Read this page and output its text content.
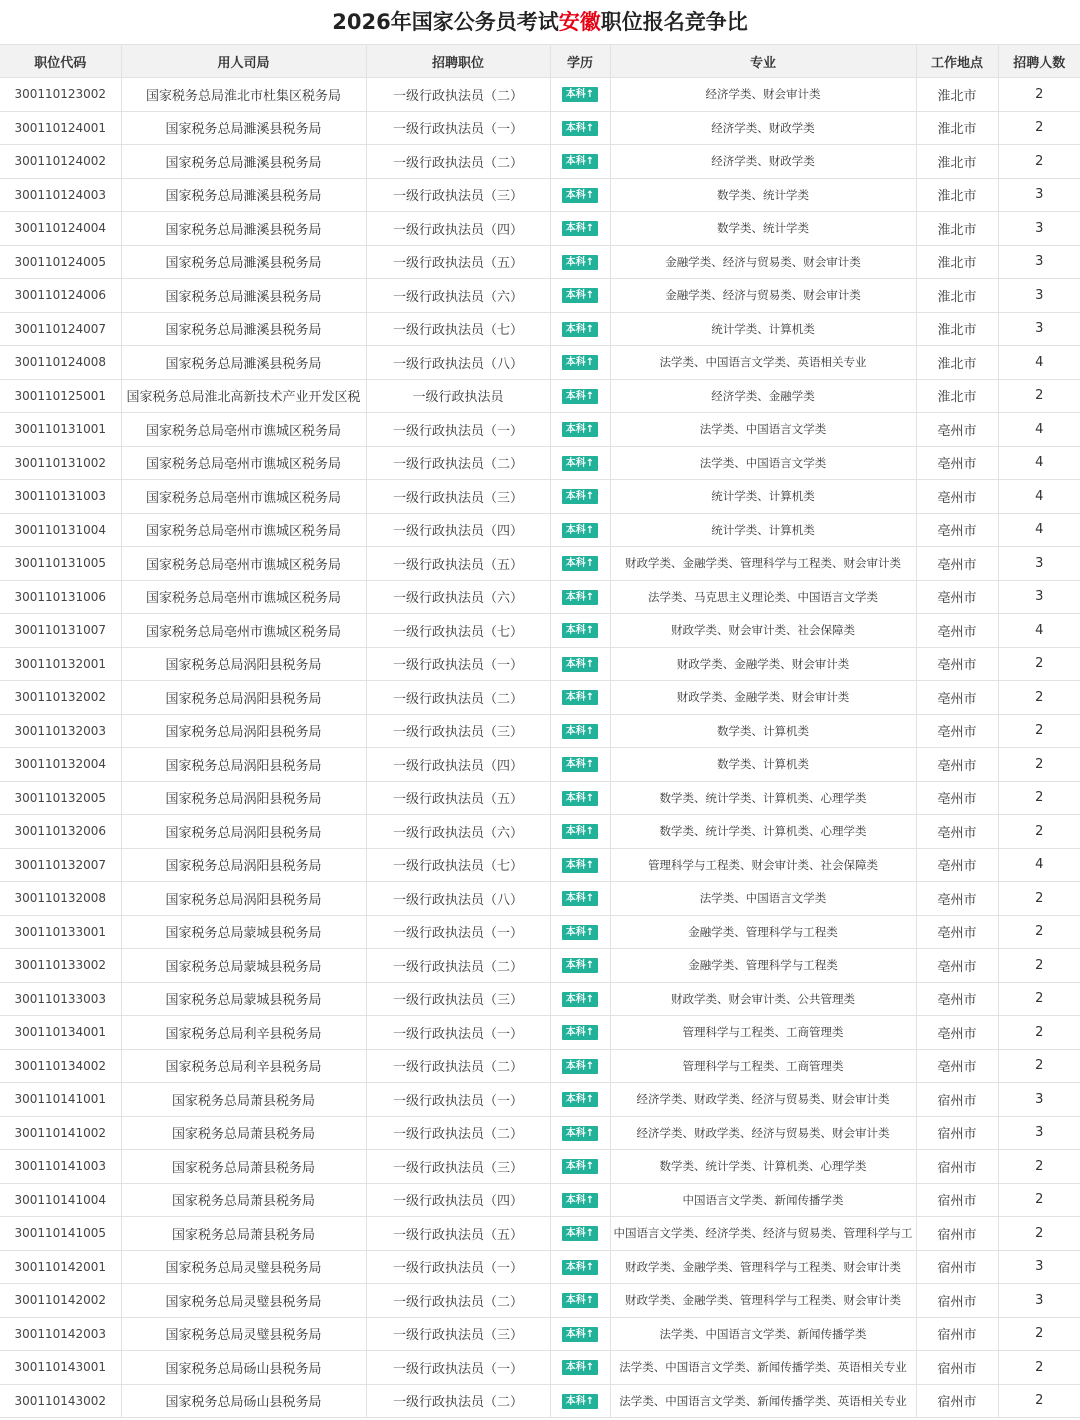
2026年国家公务员考试安徽职位报名竞争比
职位代码	用人司局	招聘职位	学历	专业	工作地点	招聘人数
300110123002	国家税务总局淮北市杜集区税务局	一级行政执法员（二）	本科↑	经济学类、财会审计类	淮北市	2
300110124001	国家税务总局濉溪县税务局	一级行政执法员（一）	本科↑	经济学类、财政学类	淮北市	2
300110124002	国家税务总局濉溪县税务局	一级行政执法员（二）	本科↑	经济学类、财政学类	淮北市	2
300110124003	国家税务总局濉溪县税务局	一级行政执法员（三）	本科↑	数学类、统计学类	淮北市	3
300110124004	国家税务总局濉溪县税务局	一级行政执法员（四）	本科↑	数学类、统计学类	淮北市	3
300110124005	国家税务总局濉溪县税务局	一级行政执法员（五）	本科↑	金融学类、经济与贸易类、财会审计类	淮北市	3
300110124006	国家税务总局濉溪县税务局	一级行政执法员（六）	本科↑	金融学类、经济与贸易类、财会审计类	淮北市	3
300110124007	国家税务总局濉溪县税务局	一级行政执法员（七）	本科↑	统计学类、计算机类	淮北市	3
300110124008	国家税务总局濉溪县税务局	一级行政执法员（八）	本科↑	法学类、中国语言文学类、英语相关专业	淮北市	4
300110125001	国家税务总局淮北高新技术产业开发区税	一级行政执法员	本科↑	经济学类、金融学类	淮北市	2
300110131001	国家税务总局亳州市谯城区税务局	一级行政执法员（一）	本科↑	法学类、中国语言文学类	亳州市	4
300110131002	国家税务总局亳州市谯城区税务局	一级行政执法员（二）	本科↑	法学类、中国语言文学类	亳州市	4
300110131003	国家税务总局亳州市谯城区税务局	一级行政执法员（三）	本科↑	统计学类、计算机类	亳州市	4
300110131004	国家税务总局亳州市谯城区税务局	一级行政执法员（四）	本科↑	统计学类、计算机类	亳州市	4
300110131005	国家税务总局亳州市谯城区税务局	一级行政执法员（五）	本科↑	财政学类、金融学类、管理科学与工程类、财会审计类	亳州市	3
300110131006	国家税务总局亳州市谯城区税务局	一级行政执法员（六）	本科↑	法学类、马克思主义理论类、中国语言文学类	亳州市	3
300110131007	国家税务总局亳州市谯城区税务局	一级行政执法员（七）	本科↑	财政学类、财会审计类、社会保障类	亳州市	4
300110132001	国家税务总局涡阳县税务局	一级行政执法员（一）	本科↑	财政学类、金融学类、财会审计类	亳州市	2
300110132002	国家税务总局涡阳县税务局	一级行政执法员（二）	本科↑	财政学类、金融学类、财会审计类	亳州市	2
300110132003	国家税务总局涡阳县税务局	一级行政执法员（三）	本科↑	数学类、计算机类	亳州市	2
300110132004	国家税务总局涡阳县税务局	一级行政执法员（四）	本科↑	数学类、计算机类	亳州市	2
300110132005	国家税务总局涡阳县税务局	一级行政执法员（五）	本科↑	数学类、统计学类、计算机类、心理学类	亳州市	2
300110132006	国家税务总局涡阳县税务局	一级行政执法员（六）	本科↑	数学类、统计学类、计算机类、心理学类	亳州市	2
300110132007	国家税务总局涡阳县税务局	一级行政执法员（七）	本科↑	管理科学与工程类、财会审计类、社会保障类	亳州市	4
300110132008	国家税务总局涡阳县税务局	一级行政执法员（八）	本科↑	法学类、中国语言文学类	亳州市	2
300110133001	国家税务总局蒙城县税务局	一级行政执法员（一）	本科↑	金融学类、管理科学与工程类	亳州市	2
300110133002	国家税务总局蒙城县税务局	一级行政执法员（二）	本科↑	金融学类、管理科学与工程类	亳州市	2
300110133003	国家税务总局蒙城县税务局	一级行政执法员（三）	本科↑	财政学类、财会审计类、公共管理类	亳州市	2
300110134001	国家税务总局利辛县税务局	一级行政执法员（一）	本科↑	管理科学与工程类、工商管理类	亳州市	2
300110134002	国家税务总局利辛县税务局	一级行政执法员（二）	本科↑	管理科学与工程类、工商管理类	亳州市	2
300110141001	国家税务总局萧县税务局	一级行政执法员（一）	本科↑	经济学类、财政学类、经济与贸易类、财会审计类	宿州市	3
300110141002	国家税务总局萧县税务局	一级行政执法员（二）	本科↑	经济学类、财政学类、经济与贸易类、财会审计类	宿州市	3
300110141003	国家税务总局萧县税务局	一级行政执法员（三）	本科↑	数学类、统计学类、计算机类、心理学类	宿州市	2
300110141004	国家税务总局萧县税务局	一级行政执法员（四）	本科↑	中国语言文学类、新闻传播学类	宿州市	2
300110141005	国家税务总局萧县税务局	一级行政执法员（五）	本科↑	中国语言文学类、经济学类、经济与贸易类、管理科学与工	宿州市	2
300110142001	国家税务总局灵璧县税务局	一级行政执法员（一）	本科↑	财政学类、金融学类、管理科学与工程类、财会审计类	宿州市	3
300110142002	国家税务总局灵璧县税务局	一级行政执法员（二）	本科↑	财政学类、金融学类、管理科学与工程类、财会审计类	宿州市	3
300110142003	国家税务总局灵璧县税务局	一级行政执法员（三）	本科↑	法学类、中国语言文学类、新闻传播学类	宿州市	2
300110143001	国家税务总局砀山县税务局	一级行政执法员（一）	本科↑	法学类、中国语言文学类、新闻传播学类、英语相关专业	宿州市	2
300110143002	国家税务总局砀山县税务局	一级行政执法员（二）	本科↑	法学类、中国语言文学类、新闻传播学类、英语相关专业	宿州市	2
